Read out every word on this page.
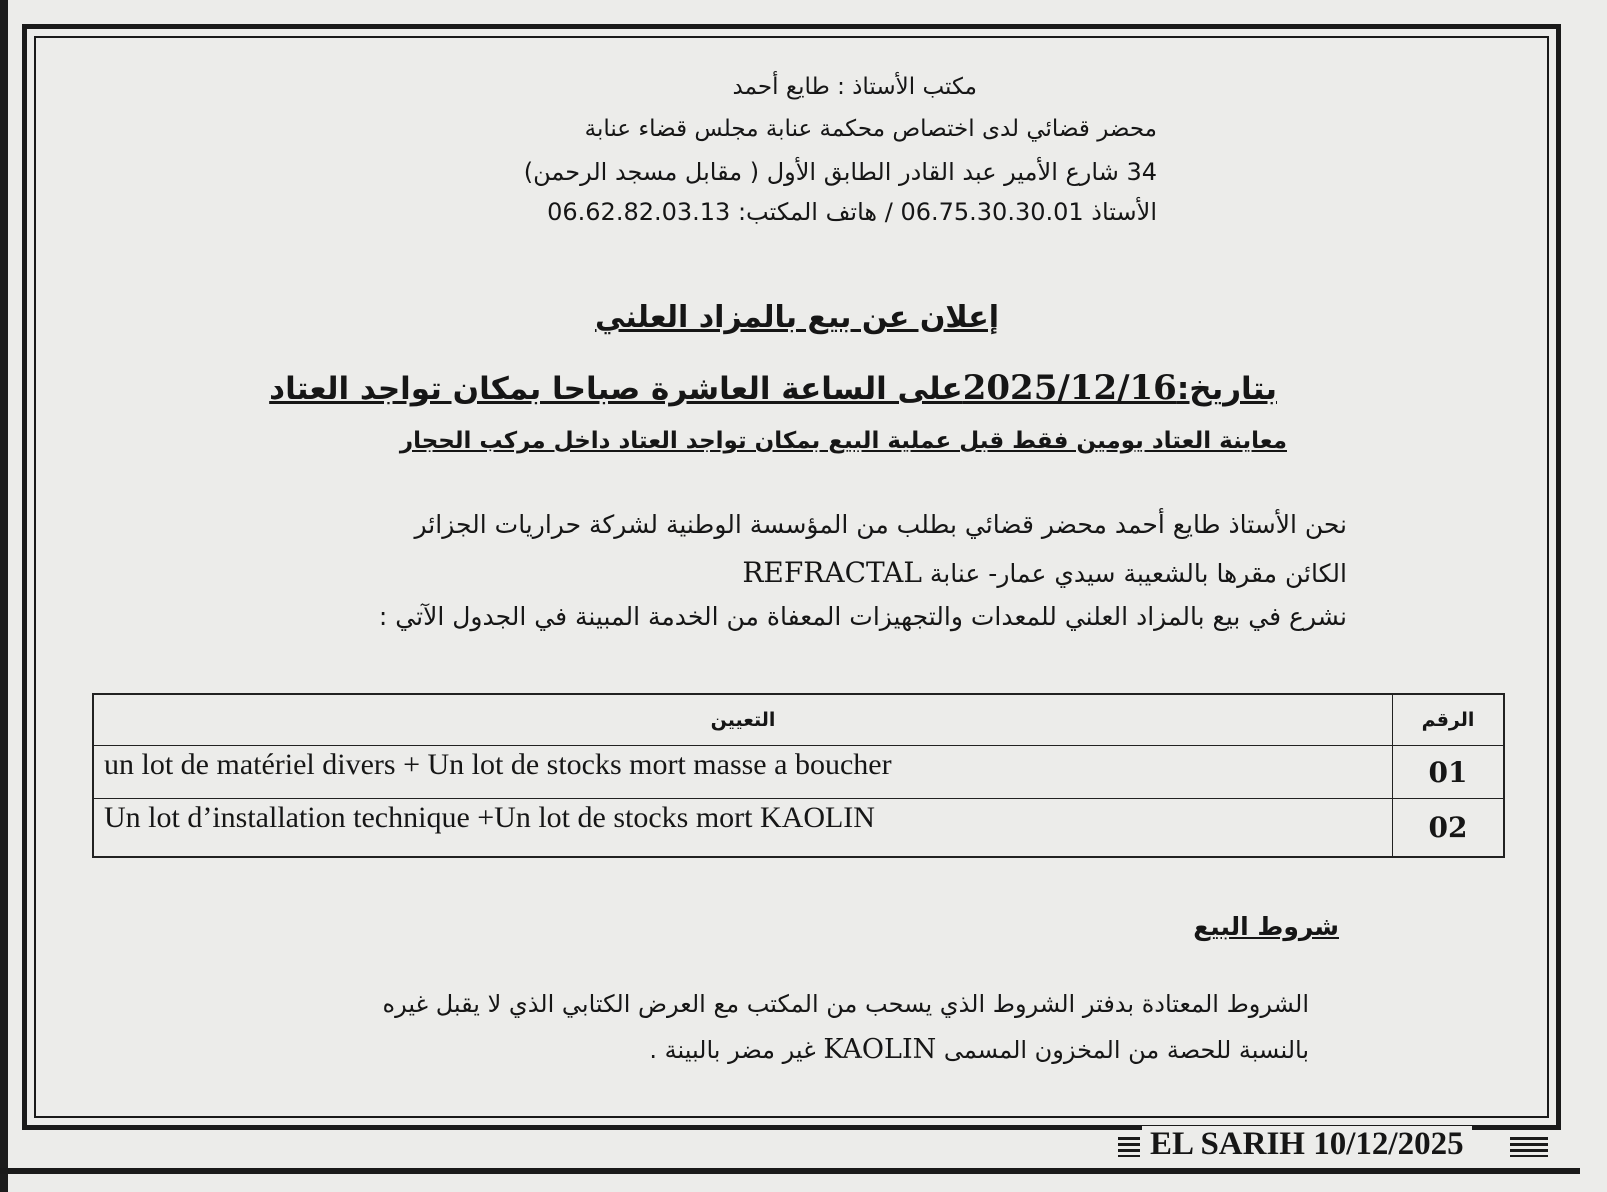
مكتب الأستاذ : طايع أحمد
محضر قضائي لدى اختصاص محكمة عنابة مجلس قضاء عنابة
34 شارع الأمير عبد القادر الطابق الأول ( مقابل مسجد الرحمن)
الأستاذ 06.75.30.30.01 / هاتف المكتب: 06.62.82.03.13
إعلان عن بيع بالمزاد العلني
بتاريخ:2025/12/16على الساعة العاشرة صباحا بمكان تواجد العتاد
معاينة العتاد يومين فقط قبل عملية البيع بمكان تواجد العتاد داخل مركب الحجار
نحن الأستاذ طايع أحمد محضر قضائي بطلب من المؤسسة الوطنية لشركة حراريات الجزائر
الكائن مقرها بالشعيبة سيدي عمار- عنابة REFRACTAL
نشرع في بيع بالمزاد العلني للمعدات والتجهيزات المعفاة من الخدمة المبينة في الجدول الآتي :
التعيين	الرقم
un lot de matériel divers + Un lot de stocks mort masse a boucher	01
Un lot d’installation technique +Un lot de stocks mort KAOLIN	02
شروط البيع
الشروط المعتادة بدفتر الشروط الذي يسحب من المكتب مع العرض الكتابي الذي لا يقبل غيره
بالنسبة للحصة من المخزون المسمى KAOLIN غير مضر بالبينة .
EL SARIH 10/12/2025
